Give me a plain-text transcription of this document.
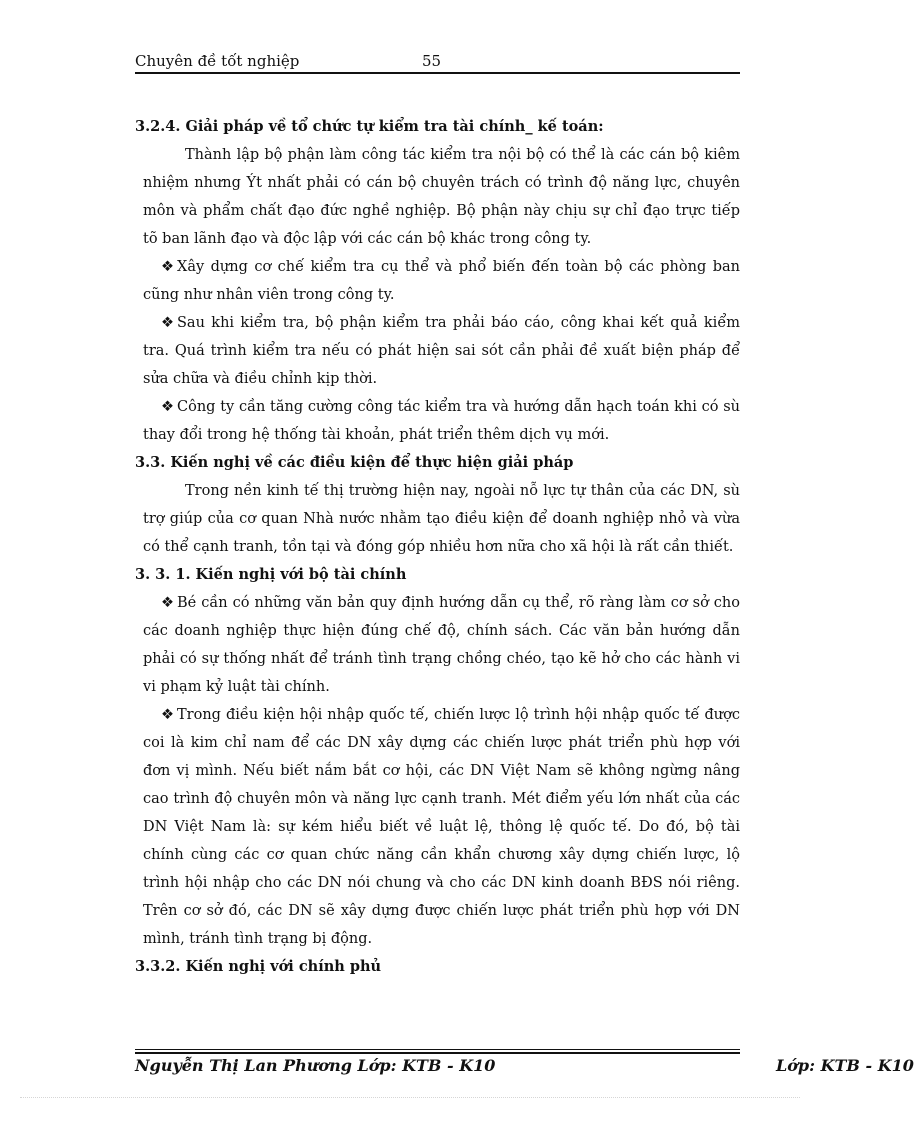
Chuyên đề tốt nghiệp	55
3.2.4. Giải pháp về tổ chức tự kiểm tra tài chính_ kế toán:
Thành lập bộ phận làm công tác kiểm tra nội bộ có thể là các cán bộ kiêm nhiệm nhưng Ýt nhất phải có cán bộ chuyên trách có trình độ năng lực, chuyên môn và phẩm chất đạo đức nghề nghiệp. Bộ phận này chịu sự chỉ đạo trực tiếp tõ ban lãnh đạo và độc lập với các cán bộ khác trong công ty.
❖ Xây dựng cơ chế kiểm tra cụ thể và phổ biến đến toàn bộ các phòng ban cũng như nhân viên trong công ty.
❖ Sau khi kiểm tra, bộ phận kiểm tra phải báo cáo, công khai kết quả kiểm tra. Quá trình kiểm tra nếu có phát hiện sai sót cần phải đề xuất biện pháp để sửa chữa và điều chỉnh kịp thời.
❖ Công ty cần tăng cường công tác kiểm tra và hướng dẫn hạch toán khi có sù thay đổi trong hệ thống tài khoản, phát triển thêm dịch vụ mới.
3.3. Kiến nghị về các điều kiện để thực hiện giải pháp
Trong nền kinh tế thị trường hiện nay, ngoài nỗ lực tự thân của các DN, sù trợ giúp của cơ quan Nhà nước nhằm tạo điều kiện để doanh nghiệp nhỏ và vừa có thể cạnh tranh, tồn tại và đóng góp nhiều hơn nữa cho xã hội là rất cần thiết.
3. 3. 1. Kiến nghị với bộ tài chính
❖ Bé cần có những văn bản quy định hướng dẫn cụ thể, rõ ràng làm cơ sở cho các doanh nghiệp thực hiện đúng chế độ, chính sách. Các văn bản hướng dẫn phải có sự thống nhất để tránh tình trạng chồng chéo, tạo kẽ hở cho các hành vi vi phạm kỷ luật tài chính.
❖ Trong điều kiện hội nhập quốc tế, chiến lược lộ trình hội nhập quốc tế được coi là kim chỉ nam để các DN xây dựng các chiến lược phát triển phù hợp với đơn vị mình. Nếu biết nắm bắt cơ hội, các DN Việt Nam sẽ không ngừng nâng cao trình độ chuyên môn và năng lực cạnh tranh. Mét điểm yếu lớn nhất của các DN Việt Nam là: sự kém hiểu biết về luật lệ, thông lệ quốc tế. Do đó, bộ tài chính cùng các cơ quan chức năng cần khẩn chương xây dựng chiến lược, lộ trình hội nhập cho các DN nói chung và cho các DN kinh doanh BĐS nói riêng. Trên cơ sở đó, các DN sẽ xây dựng được chiến lược phát triển phù hợp với DN mình, tránh tình trạng bị động.
3.3.2. Kiến nghị với chính phủ
Nguyễn Thị Lan Phương Lớp: KTB - K10	Lớp: KTB - K10
